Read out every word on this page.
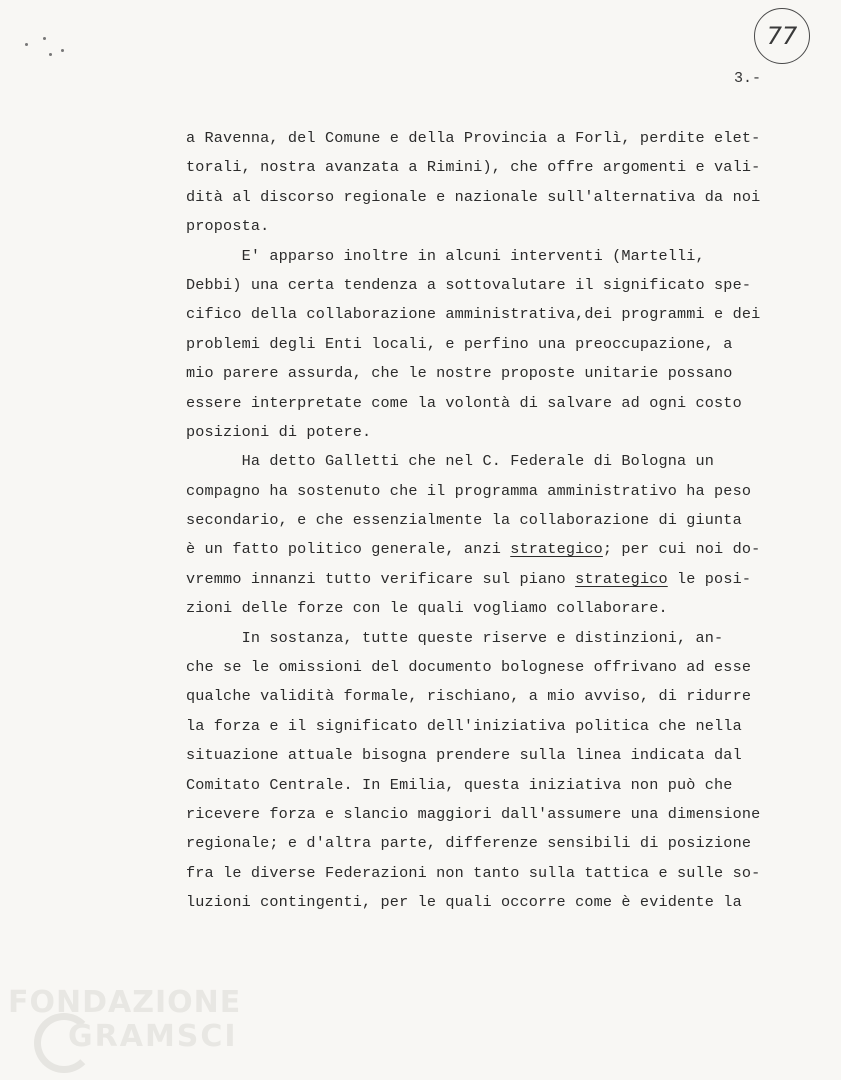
77
3.-
a Ravenna, del Comune e della Provincia a Forlì, perdite elet-
torali, nostra avanzata a Rimini), che offre argomenti e vali-
dità al discorso regionale e nazionale sull'alternativa da noi
proposta.
E' apparso inoltre in alcuni interventi (Martelli,
Debbi) una certa tendenza a sottovalutare il significato spe-
cifico della collaborazione amministrativa,dei programmi e dei
problemi degli Enti locali, e perfino una preoccupazione, a
mio parere assurda, che le nostre proposte unitarie possano
essere interpretate come la volontà di salvare ad ogni costo
posizioni di potere.
Ha detto Galletti che nel C. Federale di Bologna un
compagno ha sostenuto che il programma amministrativo ha peso
secondario, e che essenzialmente la collaborazione di giunta
è un fatto politico generale, anzi strategico; per cui noi do-
vremmo innanzi tutto verificare sul piano strategico le posi-
zioni delle forze con le quali vogliamo collaborare.
In sostanza, tutte queste riserve e distinzioni, an-
che se le omissioni del documento bolognese offrivano ad esse
qualche validità formale, rischiano, a mio avviso, di ridurre
la forza e il significato dell'iniziativa politica che nella
situazione attuale bisogna prendere sulla linea indicata dal
Comitato Centrale. In Emilia, questa iniziativa non può che
ricevere forza e slancio maggiori dall'assumere una dimensione
regionale; e d'altra parte, differenze sensibili di posizione
fra le diverse Federazioni non tanto sulla tattica e sulle so-
luzioni contingenti, per le quali occorre come è evidente la
FONDAZIONE
GRAMSCI
